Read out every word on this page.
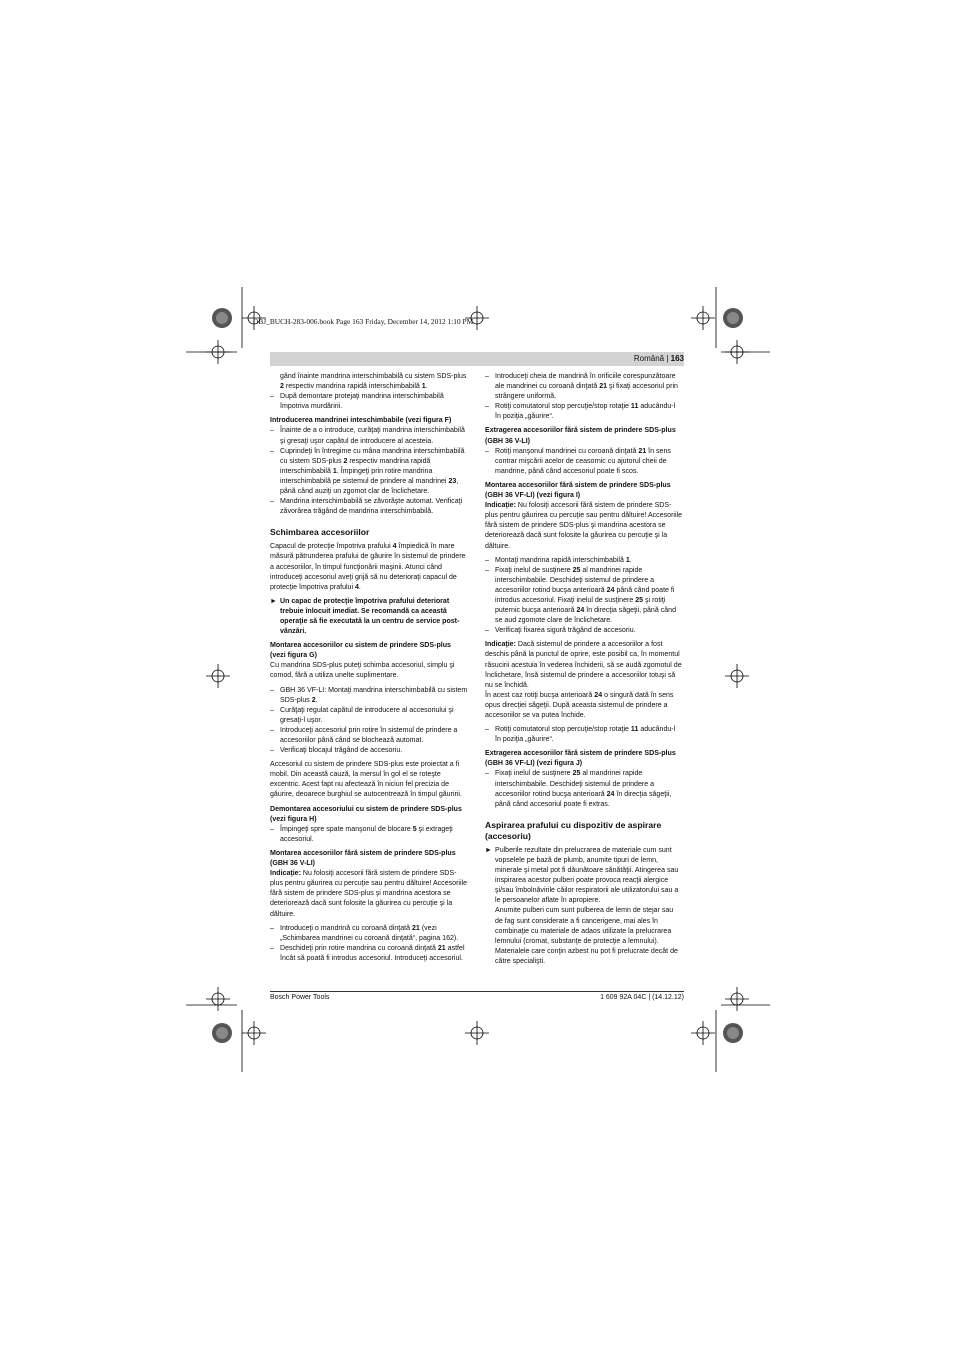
OBJ_BUCH-283-006.book Page 163 Friday, December 14, 2012 1:10 PM
Română | 163
gând înainte mandrina interschimbabilă cu sistem SDS-plus 2 respectiv mandrina rapidă interschimbabilă 1.
– După demontare protejaţi mandrina interschimbabilă împotriva murdăririi.

Introducerea mandrinei inteschimbabile (vezi figura F)

– Înainte de a o introduce, curăţaţi mandrina interschimbabilă şi gresaţi uşor capătul de introducere al acesteia.
– Cuprindeţi în întregime cu mâna mandrina interschimbabilă cu sistem SDS-plus 2 respectiv mandrina rapidă interschimbabilă 1. Împingeţi prin rotire mandrina interschimbabilă pe sistemul de prindere al mandrinei 23, până când auziţi un zgomot clar de înclichetare.
– Mandrina interschimbabilă se zăvorăşte automat. Verificaţi zăvorârea trăgând de mandrina interschimbabilă.
Schimbarea accesoriilor

Capacul de protecţie împotriva prafului 4 împiedică în mare măsură pătrunderea prafului de găurire în sistemul de prindere a accesoriilor, în timpul funcţionării maşinii. Atunci când introduceţi accesoriul aveţi grijă să nu deterioraţi capacul de protecţie împotriva prafului 4.

► Un capac de protecţie împotriva prafului deteriorat trebuie înlocuit imediat. Se recomandă ca această operaţie să fie executată la un centru de service post-vânzări.

Montarea accesoriilor cu sistem de prindere SDS-plus (vezi figura G)

Cu mandrina SDS-plus puteţi schimba accesoriul, simplu şi comod, fără a utiliza unelte suplimentare.

– GBH 36 VF-LI: Montaţi mandrina interschimbabilă cu sistem SDS-plus 2.
– Curăţaţi regulat capătul de introducere al accesoriului şi gresaţi-l uşor.
– Introduceţi accesoriul prin rotire în sistemul de prindere a accesoriilor până când se blochează automat.
– Verificaţi blocajul trăgând de accesoriu.

Accesoriul cu sistem de prindere SDS-plus este proiectat a fi mobil. Din această cauză, la mersul în gol el se roteşte excentric. Acest fapt nu afectează în niciun fel precizia de găurire, deoarece burghiul se autocentrează în timpul găuririi.

Demontarea accesoriului cu sistem de prindere SDS-plus (vezi figura H)

– Împingeţi spre spate manşonul de blocare 5 şi extrageţi accesoriul.

Montarea accesoriilor fără sistem de prindere SDS-plus (GBH 36 V-LI)

Indicaţie: Nu folosiţi accesorii fără sistem de prindere SDS-plus pentru găurirea cu percuţie sau pentru dăltuire! Accesoriile fără sistem de prindere SDS-plus şi mandrina acestora se deteriorează dacă sunt folosite la găurirea cu percuţie şi la dăltuire.

– Introduceţi o mandrină cu coroană dinţată 21 (vezi „Schimbarea mandrinei cu coroană dinţată“, pagina 162).
– Deschideţi prin rotire mandrina cu coroană dinţată 21 astfel încât să poată fi introdus accesoriul. Introduceţi accesoriul.
– Introduceţi cheia de mandrină în orificiile corespunzătoare ale mandrinei cu coroană dinţată 21 şi fixaţi accesoriul prin strângere uniformă.
– Rotiţi comutatorul stop percuţie/stop rotaţie 11 aducându-l în poziţia „găurire“.

Extragerea accesoriilor fără sistem de prindere SDS-plus (GBH 36 V-LI)

– Rotiţi manşonul mandrinei cu coroană dinţată 21 în sens contrar mişcării acelor de ceasornic cu ajutorul cheii de mandrine, până când accesoriul poate fi scos.

Montarea accesoriilor fără sistem de prindere SDS-plus (GBH 36 VF-LI) (vezi figura I)

Indicaţie: Nu folosiţi accesorii fără sistem de prindere SDS-plus pentru găurirea cu percuţie sau pentru dăltuire! Accesoriile fără sistem de prindere SDS-plus şi mandrina acestora se deteriorează dacă sunt folosite la găurirea cu percuţie şi la dăltuire.

– Montaţi mandrina rapidă interschimbabilă 1.
– Fixaţi inelul de susţinere 25 al mandrinei rapide interschimbabile. Deschideţi sistemul de prindere a accesoriilor rotind bucşa anterioară 24 până când poate fi introdus accesoriul. Fixaţi inelul de susţinere 25 şi rotiţi puternic bucşa anterioară 24 în direcţia săgeţii, până când se aud zgomote clare de înclichetare.
– Verificaţi fixarea sigură trăgând de accesoriu.

Indicaţie: Dacă sistemul de prindere a accesoriilor a fost deschis până la punctul de oprire, este posibil ca, în momentul răsucirii acestuia în vederea închiderii, să se audă zgomotul de înclichetare, însă sistemul de prindere a accesoriilor totuşi să nu se închidă.

În acest caz rotiţi bucşa anterioară 24 o singură dată în sens opus direcţiei săgeţii. După aceasta sistemul de prindere a accesoriilor se va putea închide.

– Rotiţi comutatorul stop percuţie/stop rotaţie 11 aducându-l în poziţia „găurire“.

Extragerea accesoriilor fără sistem de prindere SDS-plus (GBH 36 VF-LI) (vezi figura J)

– Fixaţi inelul de susţinere 25 al mandrinei rapide interschimbabile. Deschideţi sistemul de prindere a accesoriilor rotind bucşa anterioară 24 în direcţia săgeţii, până când accesoriul poate fi extras.
Aspirarea prafului cu dispozitiv de aspirare (accesoriu)
► Pulberile rezultate din prelucrarea de materiale cum sunt vopselele pe bază de plumb, anumite tipuri de lemn, minerale şi metal pot fi dăunătoare sănătăţii. Atingerea sau inspirarea acestor pulberi poate provoca reacţii alergice şi/sau îmbolnăvirile căilor respiratorii ale utilizatorului sau a le persoanelor aflate în apropiere.
Anumite pulberi cum sunt pulberea de lemn de stejar sau de fag sunt considerate a fi cancerigene, mai ales în combinaţie cu materiale de adaos utilizate la prelucrarea lemnului (cromat, substanţe de protecţie a lemnului). Materialele care conţin azbest nu pot fi prelucrate decât de către specialişti.
Bosch Power Tools	1 609 92A 04C | (14.12.12)
